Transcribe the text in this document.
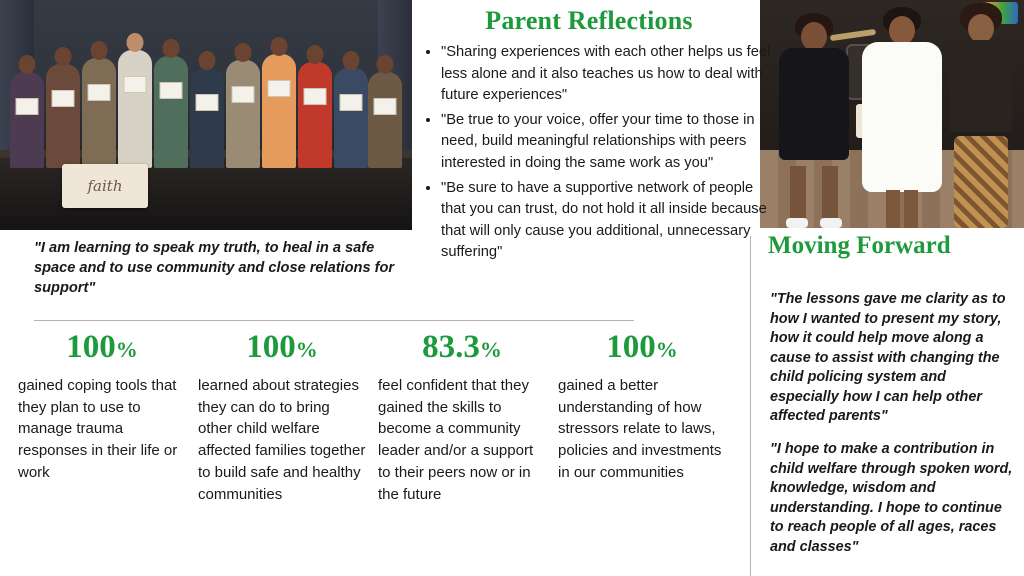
faith
Parent Reflections
• "Sharing experiences with each other helps us feel less alone and it also teaches us how to deal with future experiences"
• "Be true to your voice, offer your time to those in need, build meaningful relationships with peers interested in doing the same work as you"
• "Be sure to have a supportive network of people that you can trust, do not hold it all inside because that will only cause you additional, unnecessary suffering"
"I am learning to speak my truth, to heal in a safe space and to use community and close relations for support"
100%
gained coping tools that they plan to use to manage trauma responses in their life or work
100%
learned about strategies they can do to bring other child welfare affected families together to build safe and healthy communities
83.3%
feel confident that they gained the skills to become a community leader and/or a support to their peers now or in the future
100%
gained a better understanding of how stressors relate to laws, policies and investments in our communities
Moving Forward

"The lessons gave me clarity as to how I wanted to present my story, how it could help move along a cause to assist with changing the child policing system and especially how I can help other affected parents"

"I hope to make a contribution in child welfare through spoken word, knowledge, wisdom and understanding. I hope to continue to reach people of all ages, races and classes"
